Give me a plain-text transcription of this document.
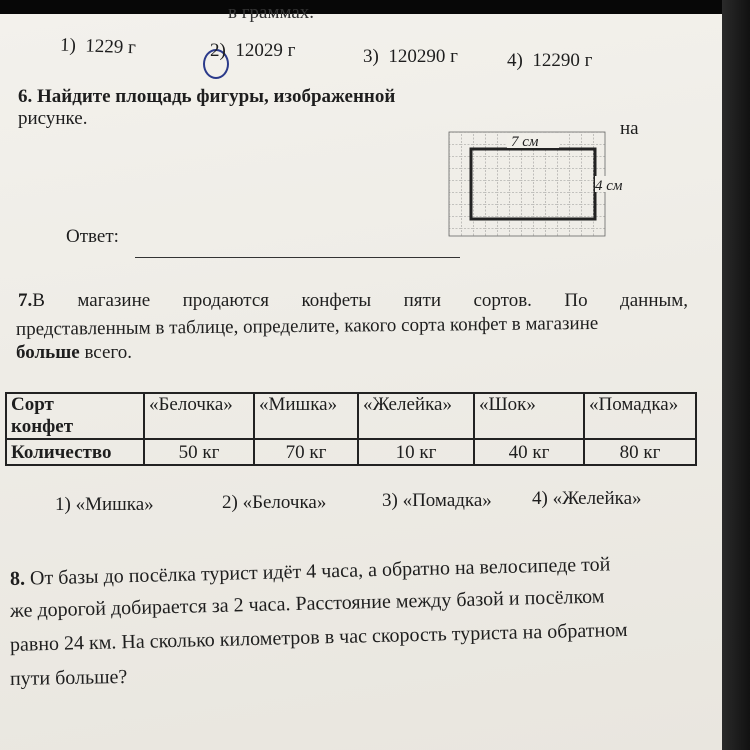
в граммах.
1) 1229 г	2) 12029 г	3) 120290 г	4) 12290 г
6. Найдите площадь фигуры, изображенной
на
рисунке.
7 см
4 см
Ответ:
7.В магазине продаются конфеты пяти сортов. По данным,
представленным в таблице, определите, какого сорта конфет в магазине
больше всего.
Сорт
конфет	«Белочка»	«Мишка»	«Желейка»	«Шок»	«Помадка»
Количество	50 кг	70 кг	10 кг	40 кг	80 кг
1) «Мишка»	2) «Белочка»	3) «Помадка» 4) «Желейка»
8. От базы до посёлка турист идёт 4 часа, а обратно на велосипеде той
же дорогой добирается за 2 часа. Расстояние между базой и посёлком
равно 24 км. На сколько километров в час скорость туриста на обратном
пути больше?
